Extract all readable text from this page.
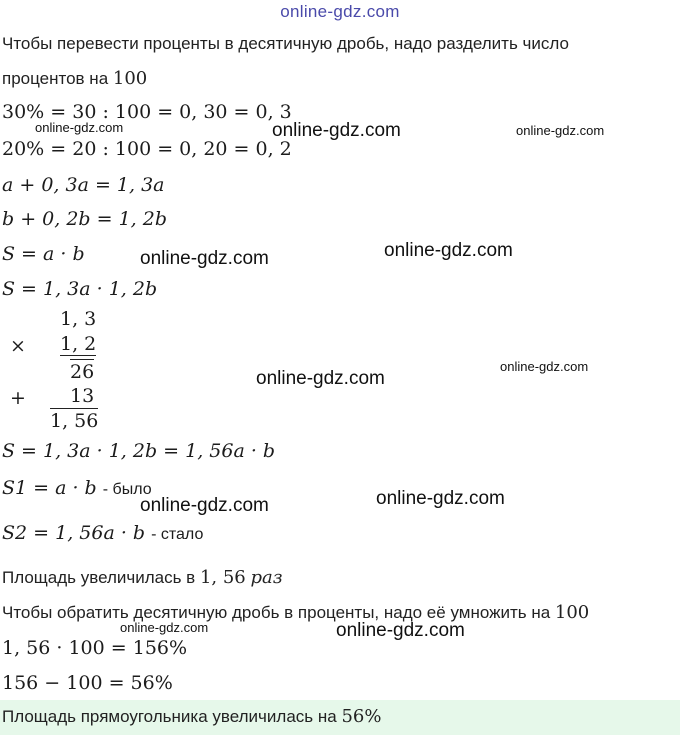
online-gdz.com
Чтобы перевести проценты в десятичную дробь, надо разделить число
процентов на 100
30% = 30 : 100 = 0, 30 = 0, 3
20% = 20 : 100 = 0, 20 = 0, 2
a + 0, 3a = 1, 3a
b + 0, 2b = 1, 2b
S = a · b
S = 1, 3a · 1, 2b
1, 3
× 1, 2
26
+ 13
1, 56
S = 1, 3a · 1, 2b = 1, 56a · b
S1 = a · b - было
S2 = 1, 56a · b - стало
Площадь увеличилась в 1, 56 раз
Чтобы обратить десятичную дробь в проценты, надо её умножить на 100
1, 56 · 100 = 156%
156 − 100 = 56%
Площадь прямоугольника увеличилась на 56%
online-gdz.com	online-gdz.com	online-gdz.com
online-gdz.com	online-gdz.com
online-gdz.com
online-gdz.com
online-gdz.com	online-gdz.com
online-gdz.com	online-gdz.com
